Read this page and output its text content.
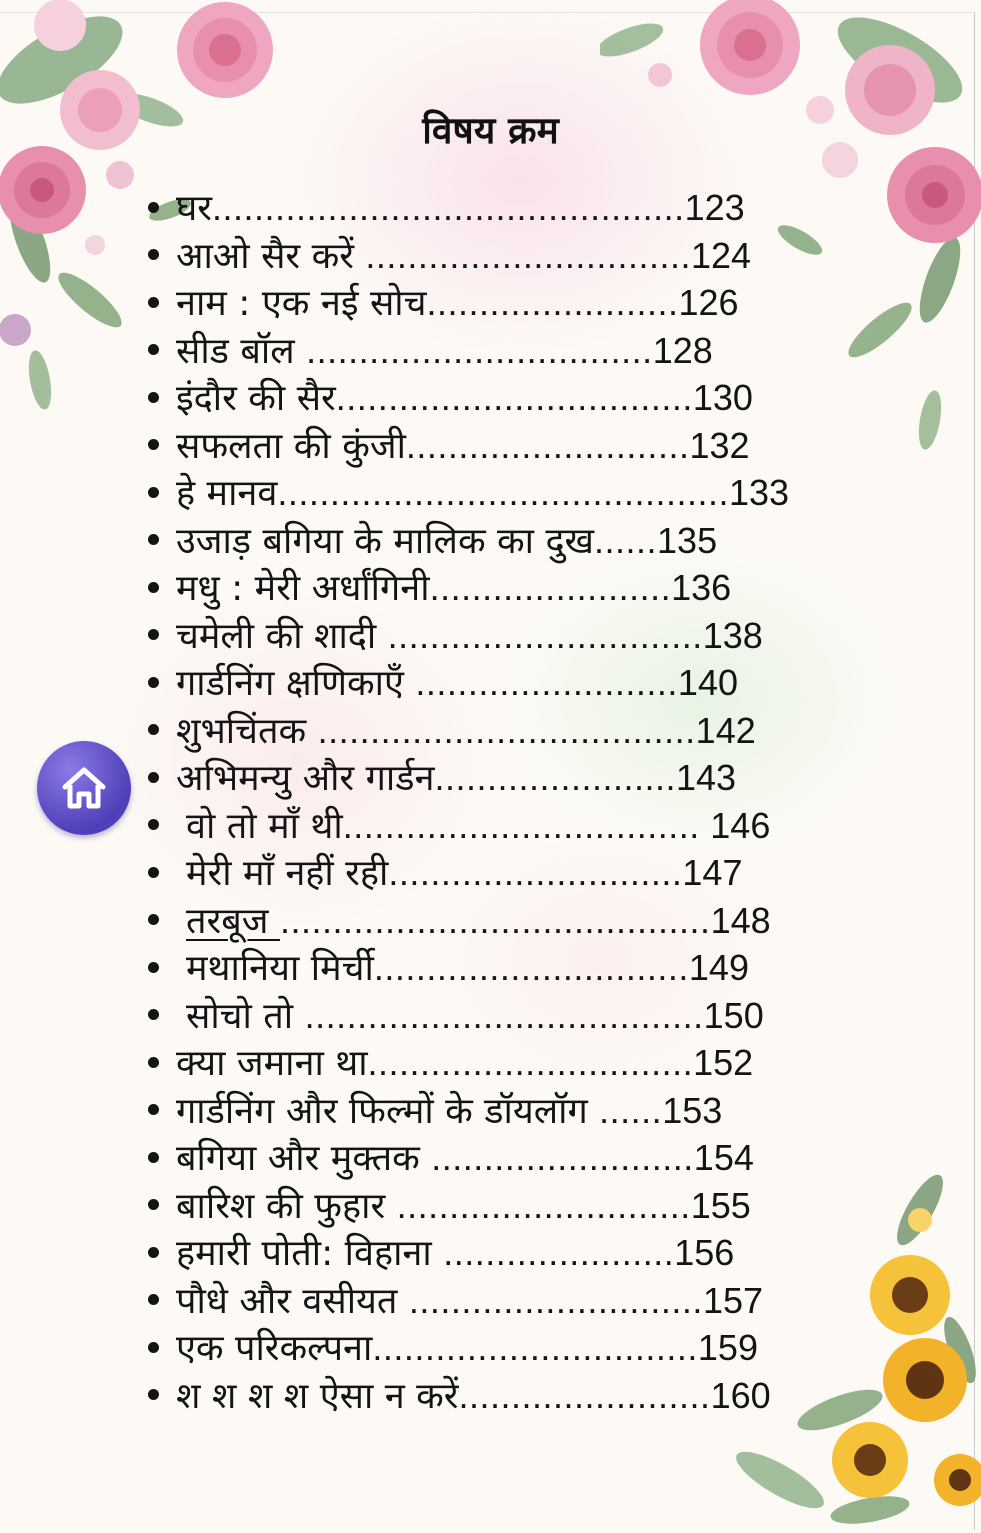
विषय क्रम
घर.............................................123
आओ सैर करें ...............................124
नाम : एक नई सोच........................126
सीड बॉल .................................128
इंदौर की सैर..................................130
सफलता की कुंजी...........................132
हे मानव...........................................133
उजाड़ बगिया के मालिक का दुख......135
मधु : मेरी अर्धांगिनी.......................136
चमेली की शादी ..............................138
गार्डनिंग क्षणिकाएँ .........................140
शुभचिंतक ....................................142
अभिमन्यु और गार्डन.......................143
वो तो माँ थी.................................. 146
मेरी माँ नहीं रही............................147
तरबूज .........................................148
मथानिया मिर्ची..............................149
सोचो तो ......................................150
क्या जमाना था...............................152
गार्डनिंग और फिल्मों के डॉयलॉग ......153
बगिया और मुक्तक .........................154
बारिश की फुहार ............................155
हमारी पोती: विहाना ......................156
पौधे और वसीयत ............................157
एक परिकल्पना...............................159
श श श श ऐसा न करें........................160
